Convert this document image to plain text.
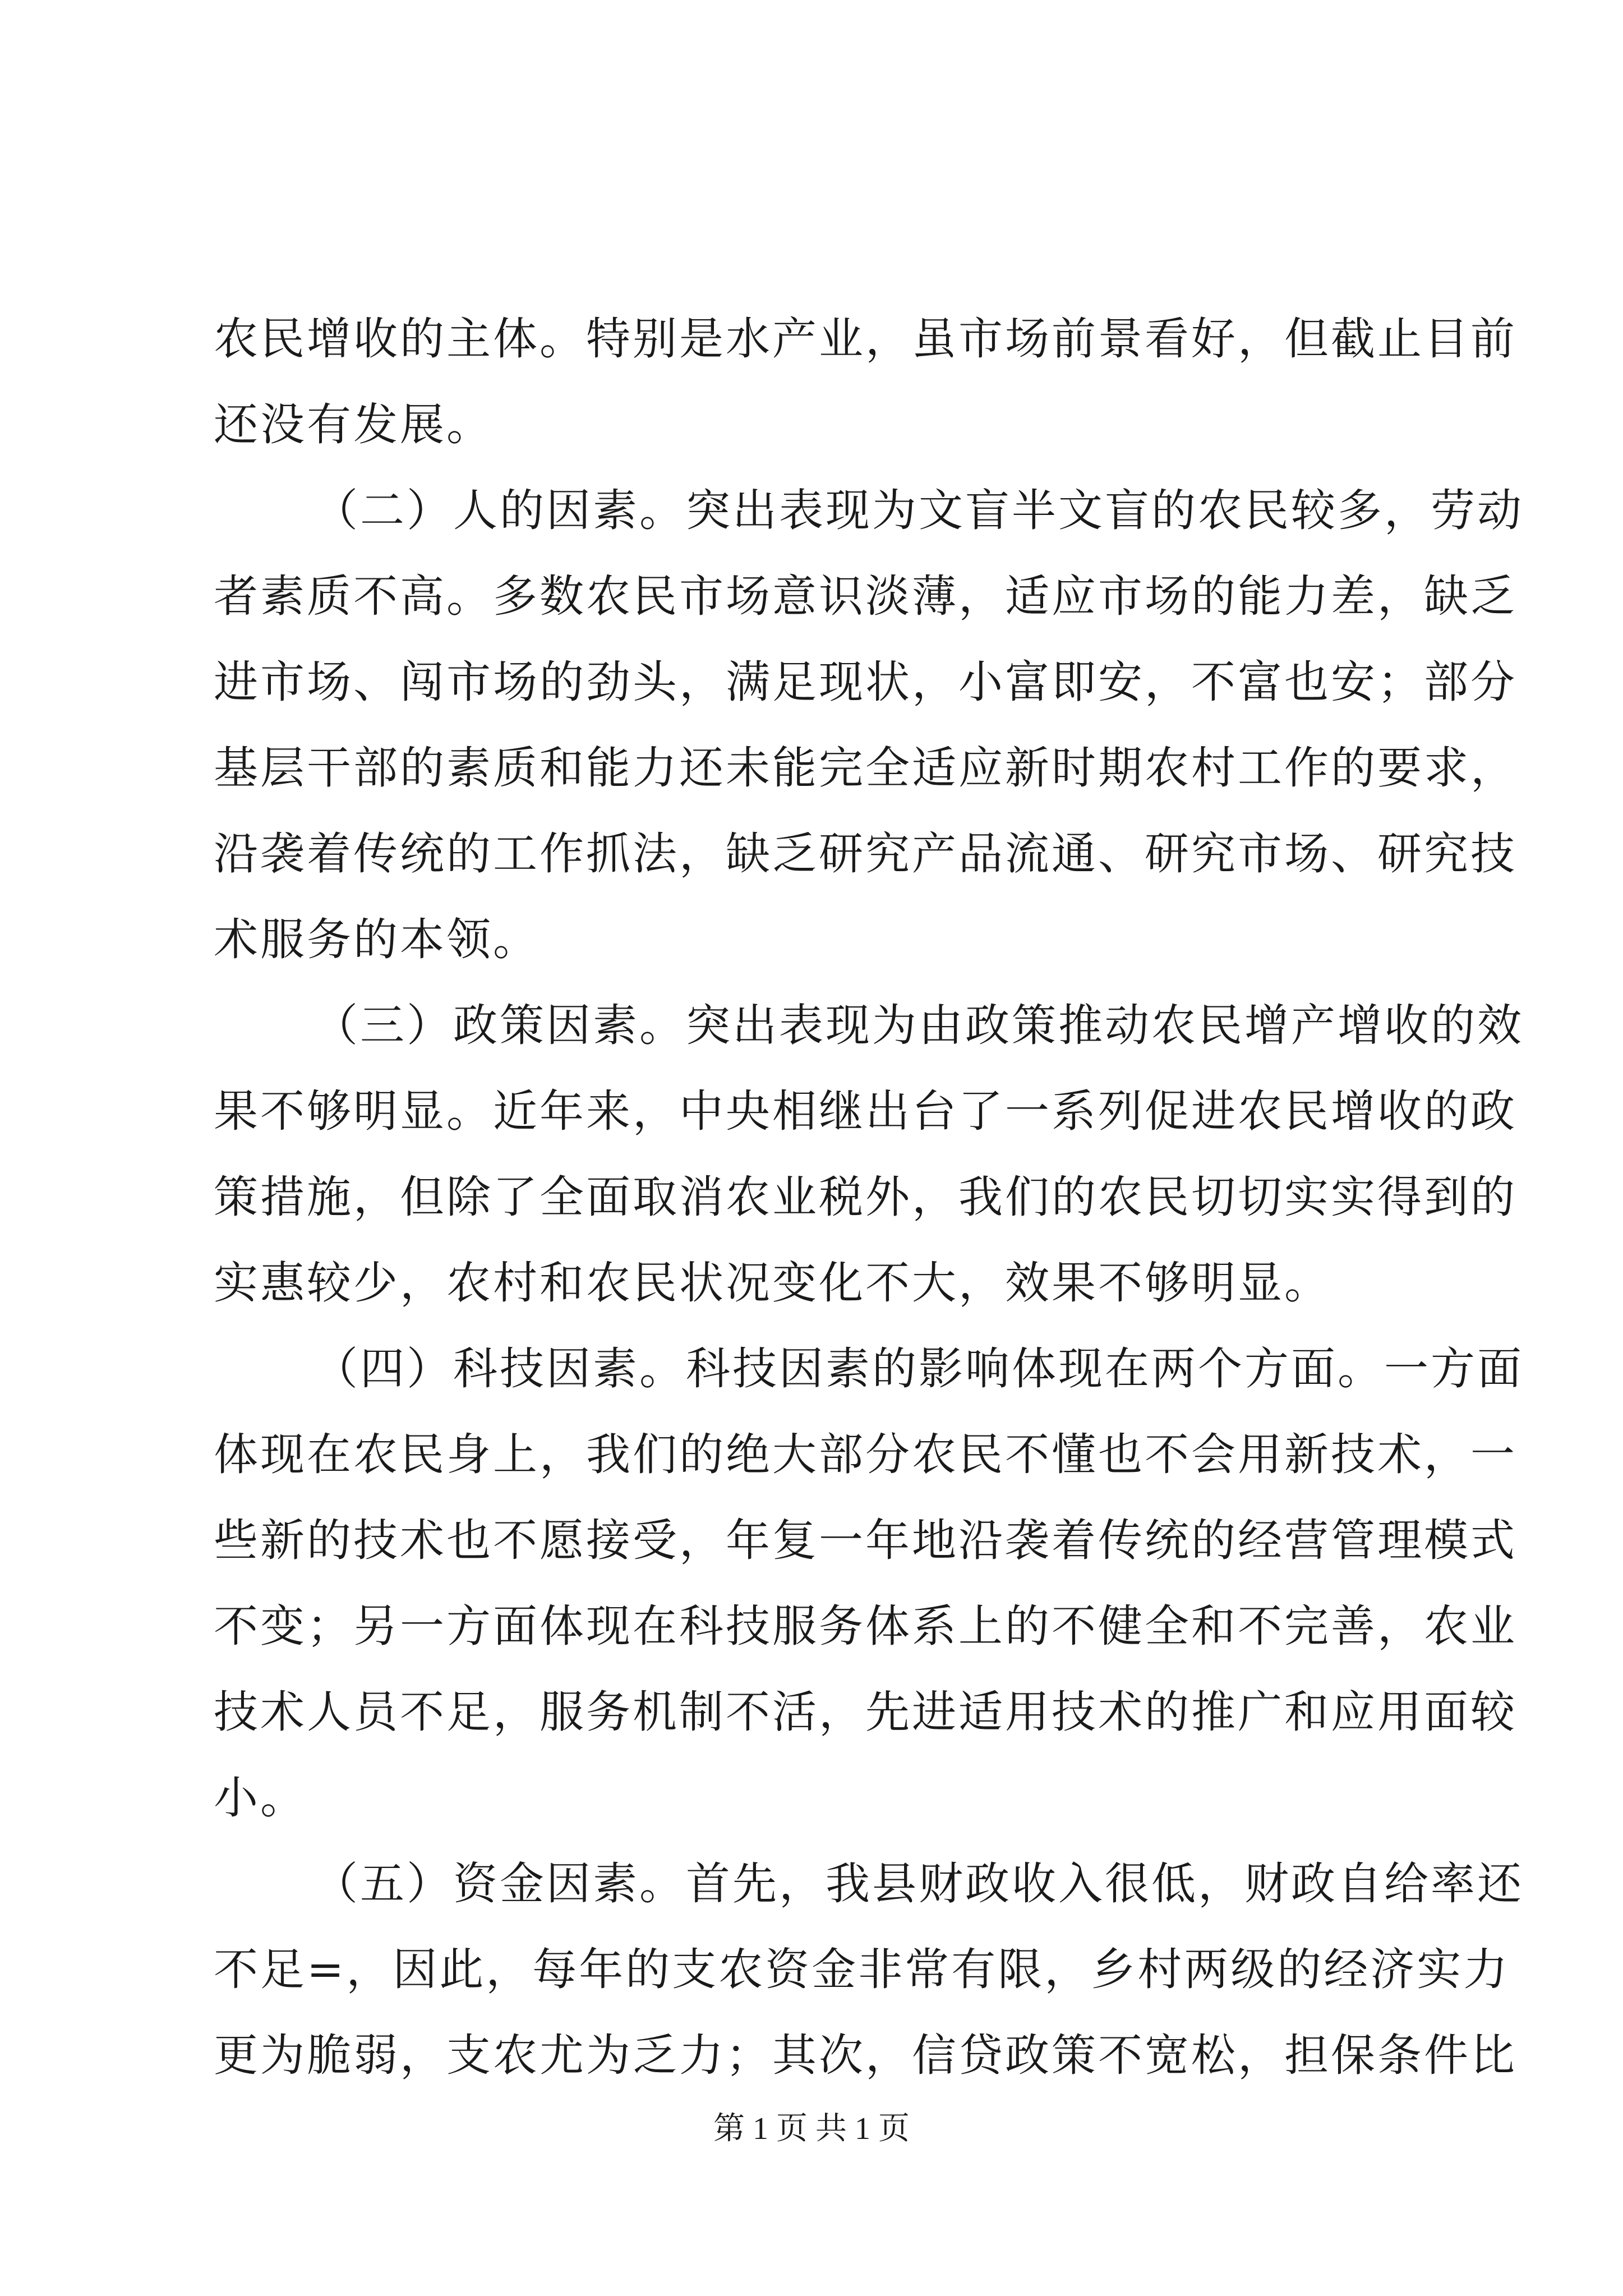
农民增收的主体。特别是水产业，虽市场前景看好，但截止目前
还没有发展。
（二）人的因素。突出表现为文盲半文盲的农民较多，劳动
者素质不高。多数农民市场意识淡薄，适应市场的能力差，缺乏
进市场、闯市场的劲头，满足现状，小富即安，不富也安；部分
基层干部的素质和能力还未能完全适应新时期农村工作的要求，
沿袭着传统的工作抓法，缺乏研究产品流通、研究市场、研究技
术服务的本领。
（三）政策因素。突出表现为由政策推动农民增产增收的效
果不够明显。近年来，中央相继出台了一系列促进农民增收的政
策措施，但除了全面取消农业税外，我们的农民切切实实得到的
实惠较少，农村和农民状况变化不大，效果不够明显。
（四）科技因素。科技因素的影响体现在两个方面。一方面
体现在农民身上，我们的绝大部分农民不懂也不会用新技术，一
些新的技术也不愿接受，年复一年地沿袭着传统的经营管理模式
不变；另一方面体现在科技服务体系上的不健全和不完善，农业
技术人员不足，服务机制不活，先进适用技术的推广和应用面较
小。
（五）资金因素。首先，我县财政收入很低，财政自给率还
不足=，因此，每年的支农资金非常有限，乡村两级的经济实力
更为脆弱，支农尤为乏力；其次，信贷政策不宽松，担保条件比
第 1 页 共 1 页
